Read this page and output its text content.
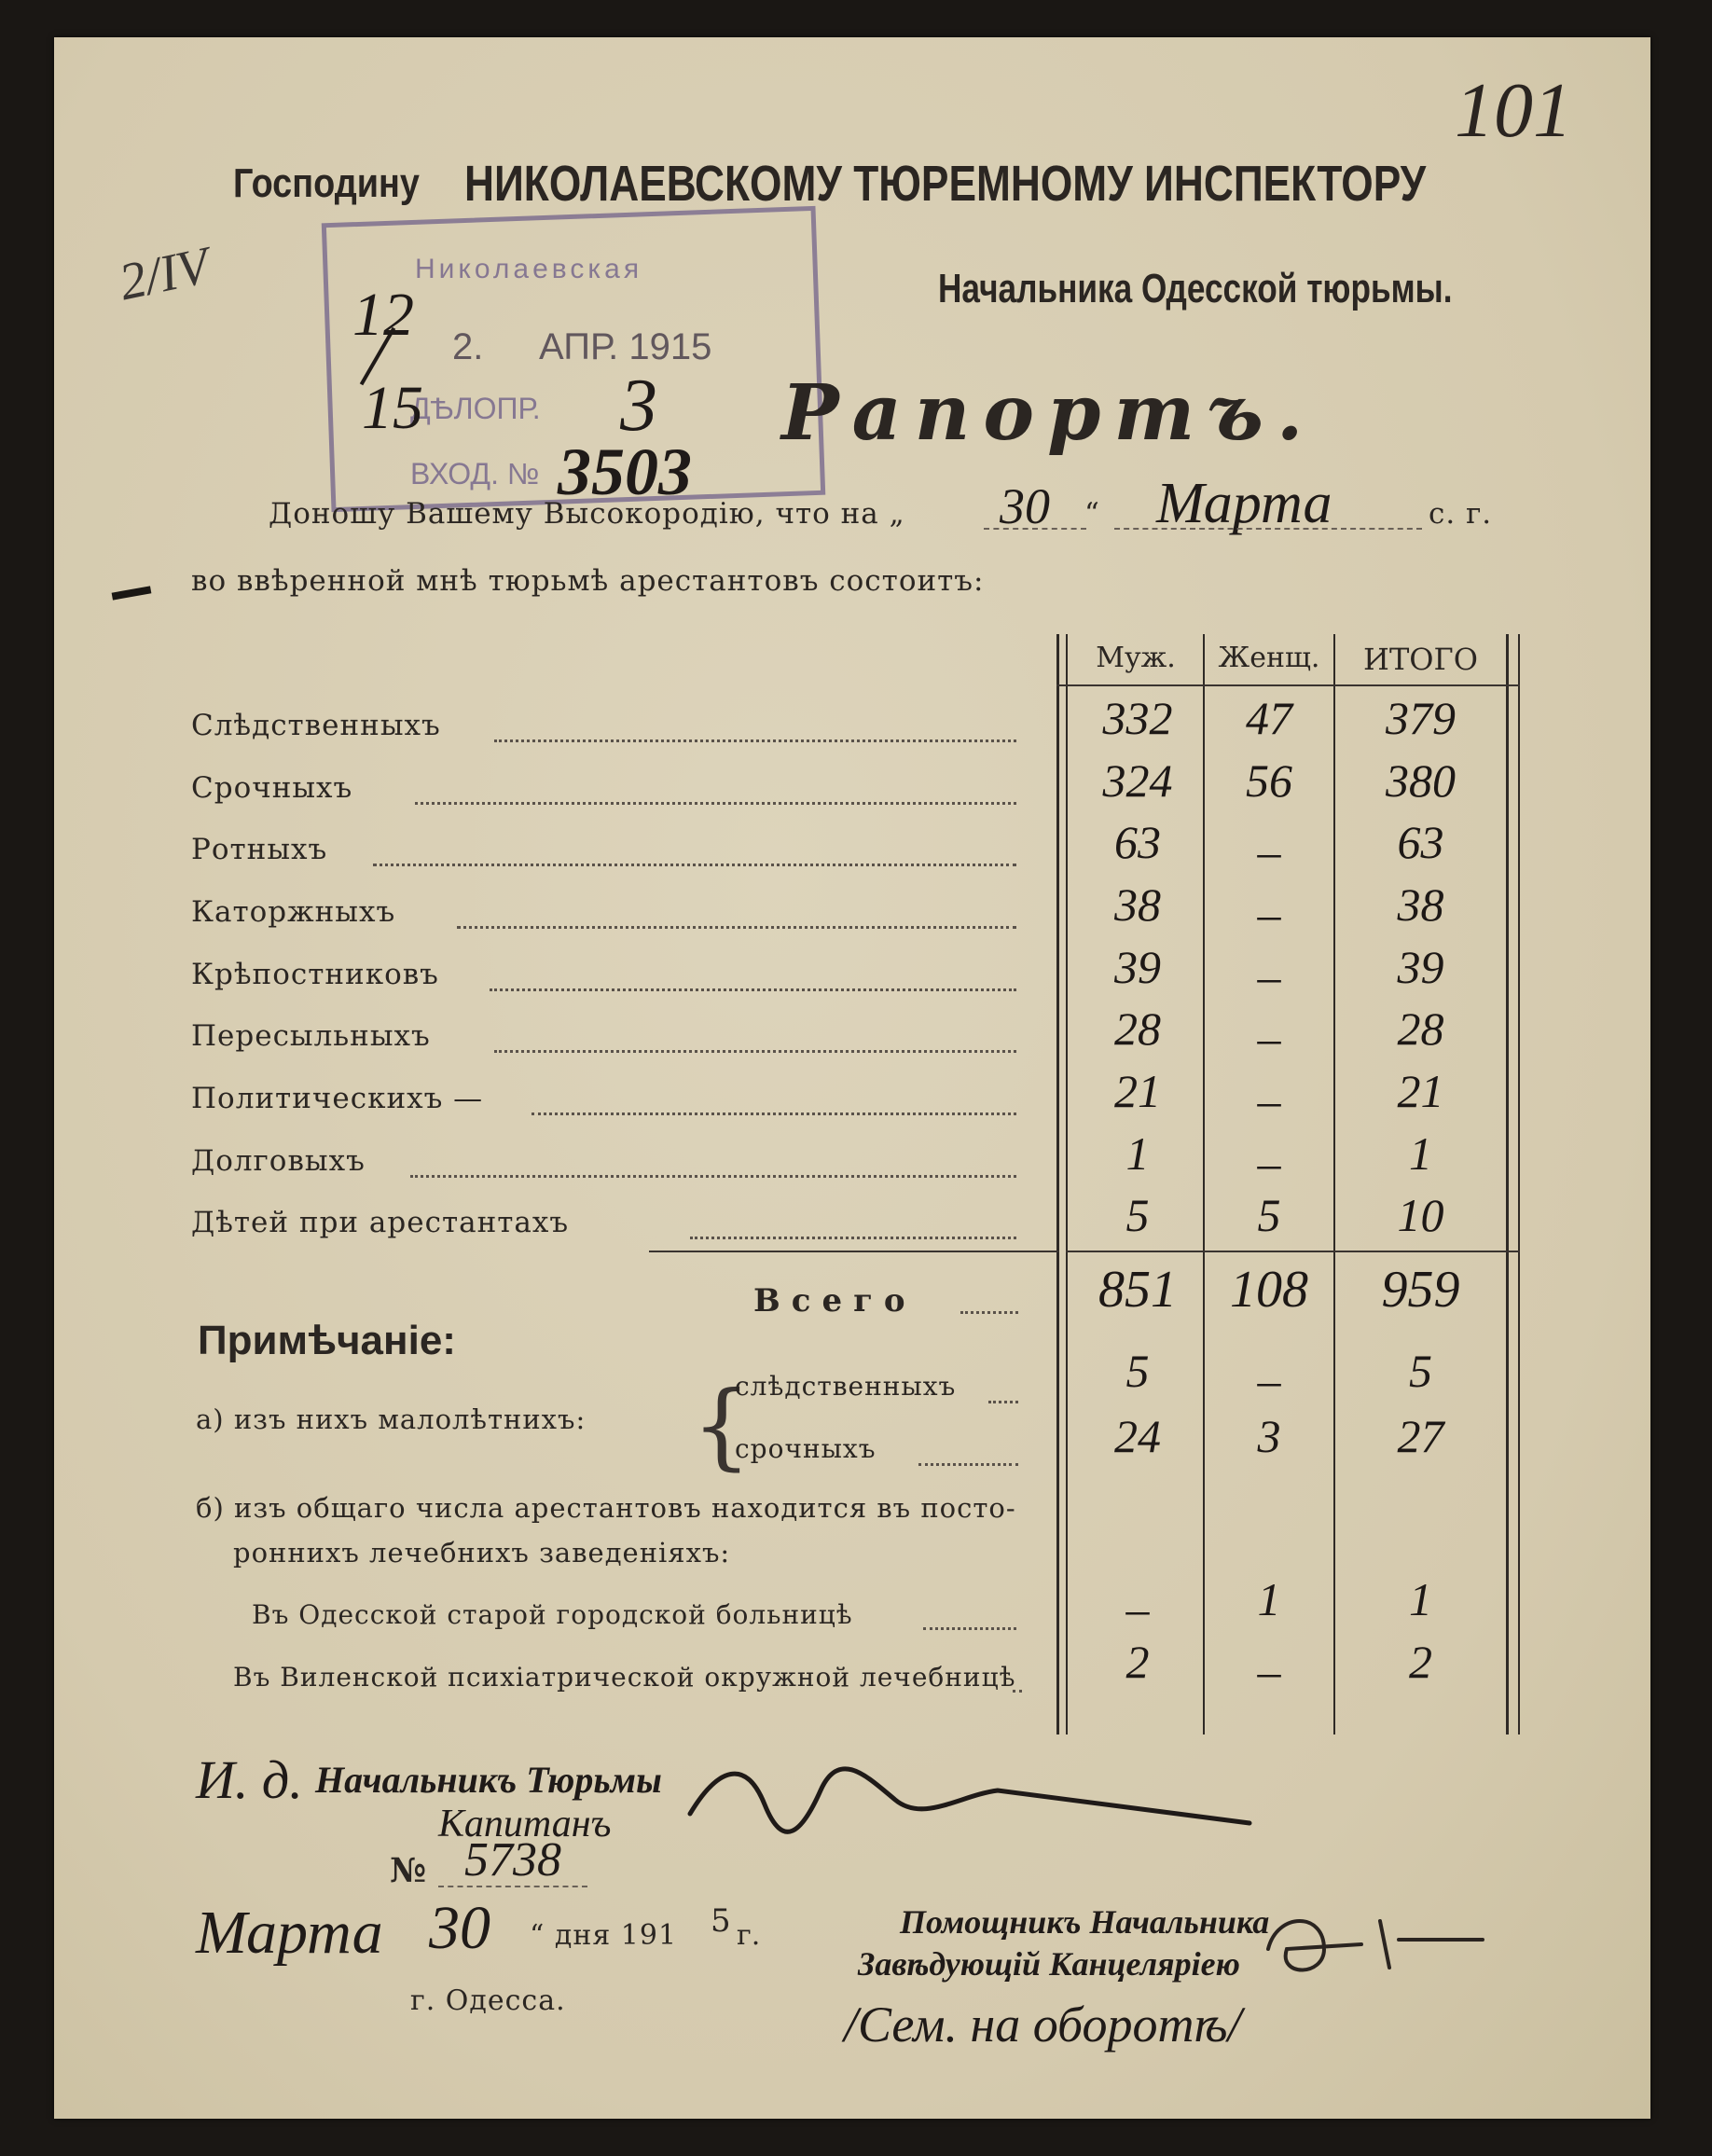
101
2/IV
Господину НИКОЛАЕВСКОМУ ТЮРЕМНОМУ ИНСПЕКТОРУ
Начальника Одесской тюрьмы.
Николаевская
2. АПР. 1915
ДѢЛОПР.
ВХОД. №
12
15	3
3503
Рапортъ.
Доношу Вашему Высокородію, что на „ 30 “ Марта	с. г.
во ввѣренной мнѣ тюрьмѣ арестантовъ состоитъ:
Муж.	Женщ.	ИТОГО
Слѣдственныхъ	332	47	379
Срочныхъ	324	56	380
Ротныхъ	63	–	63
Каторжныхъ	38	–	38
Крѣпостниковъ	39	–	39
Пересыльныхъ	28	–	28
Политическихъ —	21	–	21
Долговыхъ	1	–	1
Дѣтей при арестантахъ	5	5	10
Всего	851	108	959
Примѣчаніе:
а) изъ нихъ малолѣтнихъ: {
слѣдственныхъ	5	–	5
срочныхъ	24	3	27
б) изъ общаго числа арестантовъ находится въ посто-
роннихъ лечебнихъ заведеніяхъ:
Въ Одесской старой городской больницѣ	–	1	1
Въ Виленской психіатрической окружной лечебницѣ	2	–	2
И. д. Начальникъ Тюрьмы
Капитанъ
№ 5738
Марта 30 “ дня 191 5 г.
г. Одесса.
Помощникъ Начальника
Завѣдующій Канцеляріею
/Сем. на оборотѣ/
